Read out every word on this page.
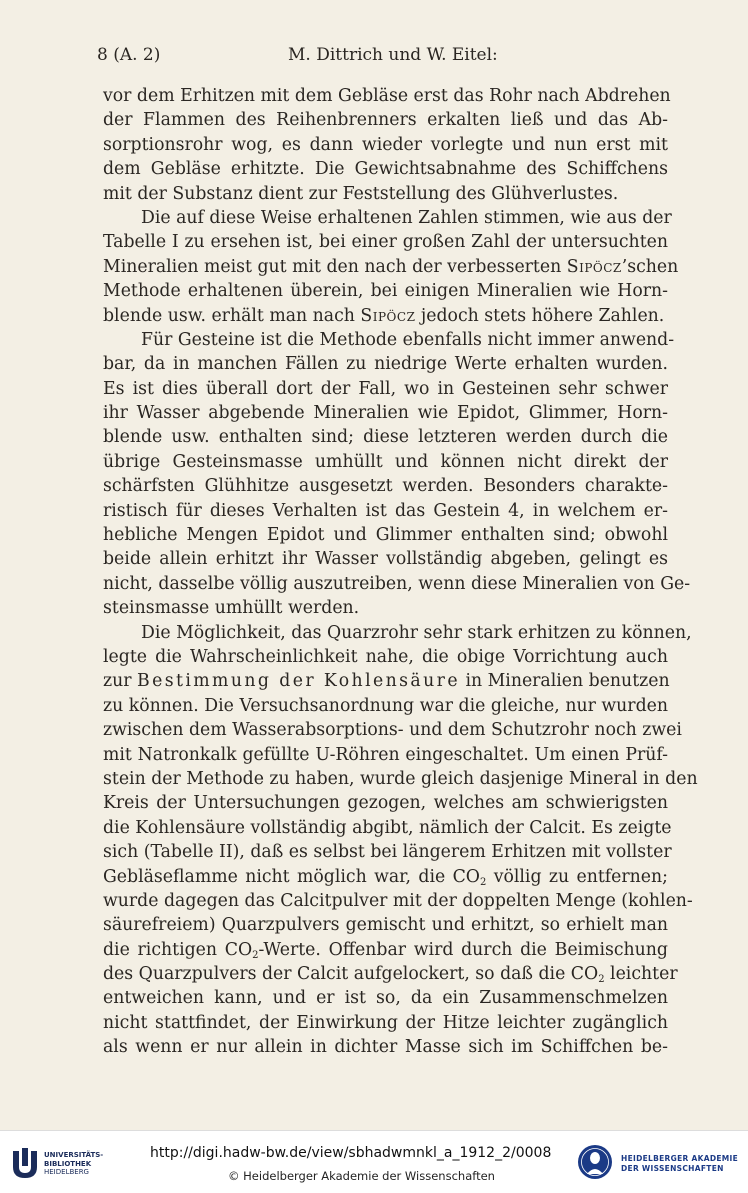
8 (A. 2)	M. Dittrich und W. Eitel:
vor dem Erhitzen mit dem Gebläse erst das Rohr nach Abdrehen
der Flammen des Reihenbrenners erkalten ließ und das Ab-
sorptionsrohr wog, es dann wieder vorlegte und nun erst mit
dem Gebläse erhitzte. Die Gewichtsabnahme des Schiffchens
mit der Substanz dient zur Feststellung des Glühverlustes.
Die auf diese Weise erhaltenen Zahlen stimmen, wie aus der
Tabelle I zu ersehen ist, bei einer großen Zahl der untersuchten
Mineralien meist gut mit den nach der verbesserten Sipöcz’schen
Methode erhaltenen überein, bei einigen Mineralien wie Horn-
blende usw. erhält man nach Sipöcz jedoch stets höhere Zahlen.
Für Gesteine ist die Methode ebenfalls nicht immer anwend-
bar, da in manchen Fällen zu niedrige Werte erhalten wurden.
Es ist dies überall dort der Fall, wo in Gesteinen sehr schwer
ihr Wasser abgebende Mineralien wie Epidot, Glimmer, Horn-
blende usw. enthalten sind; diese letzteren werden durch die
übrige Gesteinsmasse umhüllt und können nicht direkt der
schärfsten Glühhitze ausgesetzt werden. Besonders charakte-
ristisch für dieses Verhalten ist das Gestein 4, in welchem er-
hebliche Mengen Epidot und Glimmer enthalten sind; obwohl
beide allein erhitzt ihr Wasser vollständig abgeben, gelingt es
nicht, dasselbe völlig auszutreiben, wenn diese Mineralien von Ge-
steinsmasse umhüllt werden.
Die Möglichkeit, das Quarzrohr sehr stark erhitzen zu können,
legte die Wahrscheinlichkeit nahe, die obige Vorrichtung auch
zur Bestimmung der Kohlensäure in Mineralien benutzen
zu können. Die Versuchsanordnung war die gleiche, nur wurden
zwischen dem Wasserabsorptions- und dem Schutzrohr noch zwei
mit Natronkalk gefüllte U-Röhren eingeschaltet. Um einen Prüf-
stein der Methode zu haben, wurde gleich dasjenige Mineral in den
Kreis der Untersuchungen gezogen, welches am schwierigsten
die Kohlensäure vollständig abgibt, nämlich der Calcit. Es zeigte
sich (Tabelle II), daß es selbst bei längerem Erhitzen mit vollster
Gebläseflamme nicht möglich war, die $CO_2$ völlig zu entfernen;
wurde dagegen das Calcitpulver mit der doppelten Menge (kohlen-
säurefreiem) Quarzpulvers gemischt und erhitzt, so erhielt man
die richtigen $CO_2$-Werte. Offenbar wird durch die Beimischung
des Quarzpulvers der Calcit aufgelockert, so daß die $CO_2$ leichter
entweichen kann, und er ist so, da ein Zusammenschmelzen
nicht stattfindet, der Einwirkung der Hitze leichter zugänglich
als wenn er nur allein in dichter Masse sich im Schiffchen be-
UNIVERSITÄTS-
BIBLIOTHEK
HEIDELBERG
http://digi.hadw-bw.de/view/sbhadwmnkl_a_1912_2/0008
© Heidelberger Akademie der Wissenschaften
HEIDELBERGER AKADEMIE
DER WISSENSCHAFTEN
